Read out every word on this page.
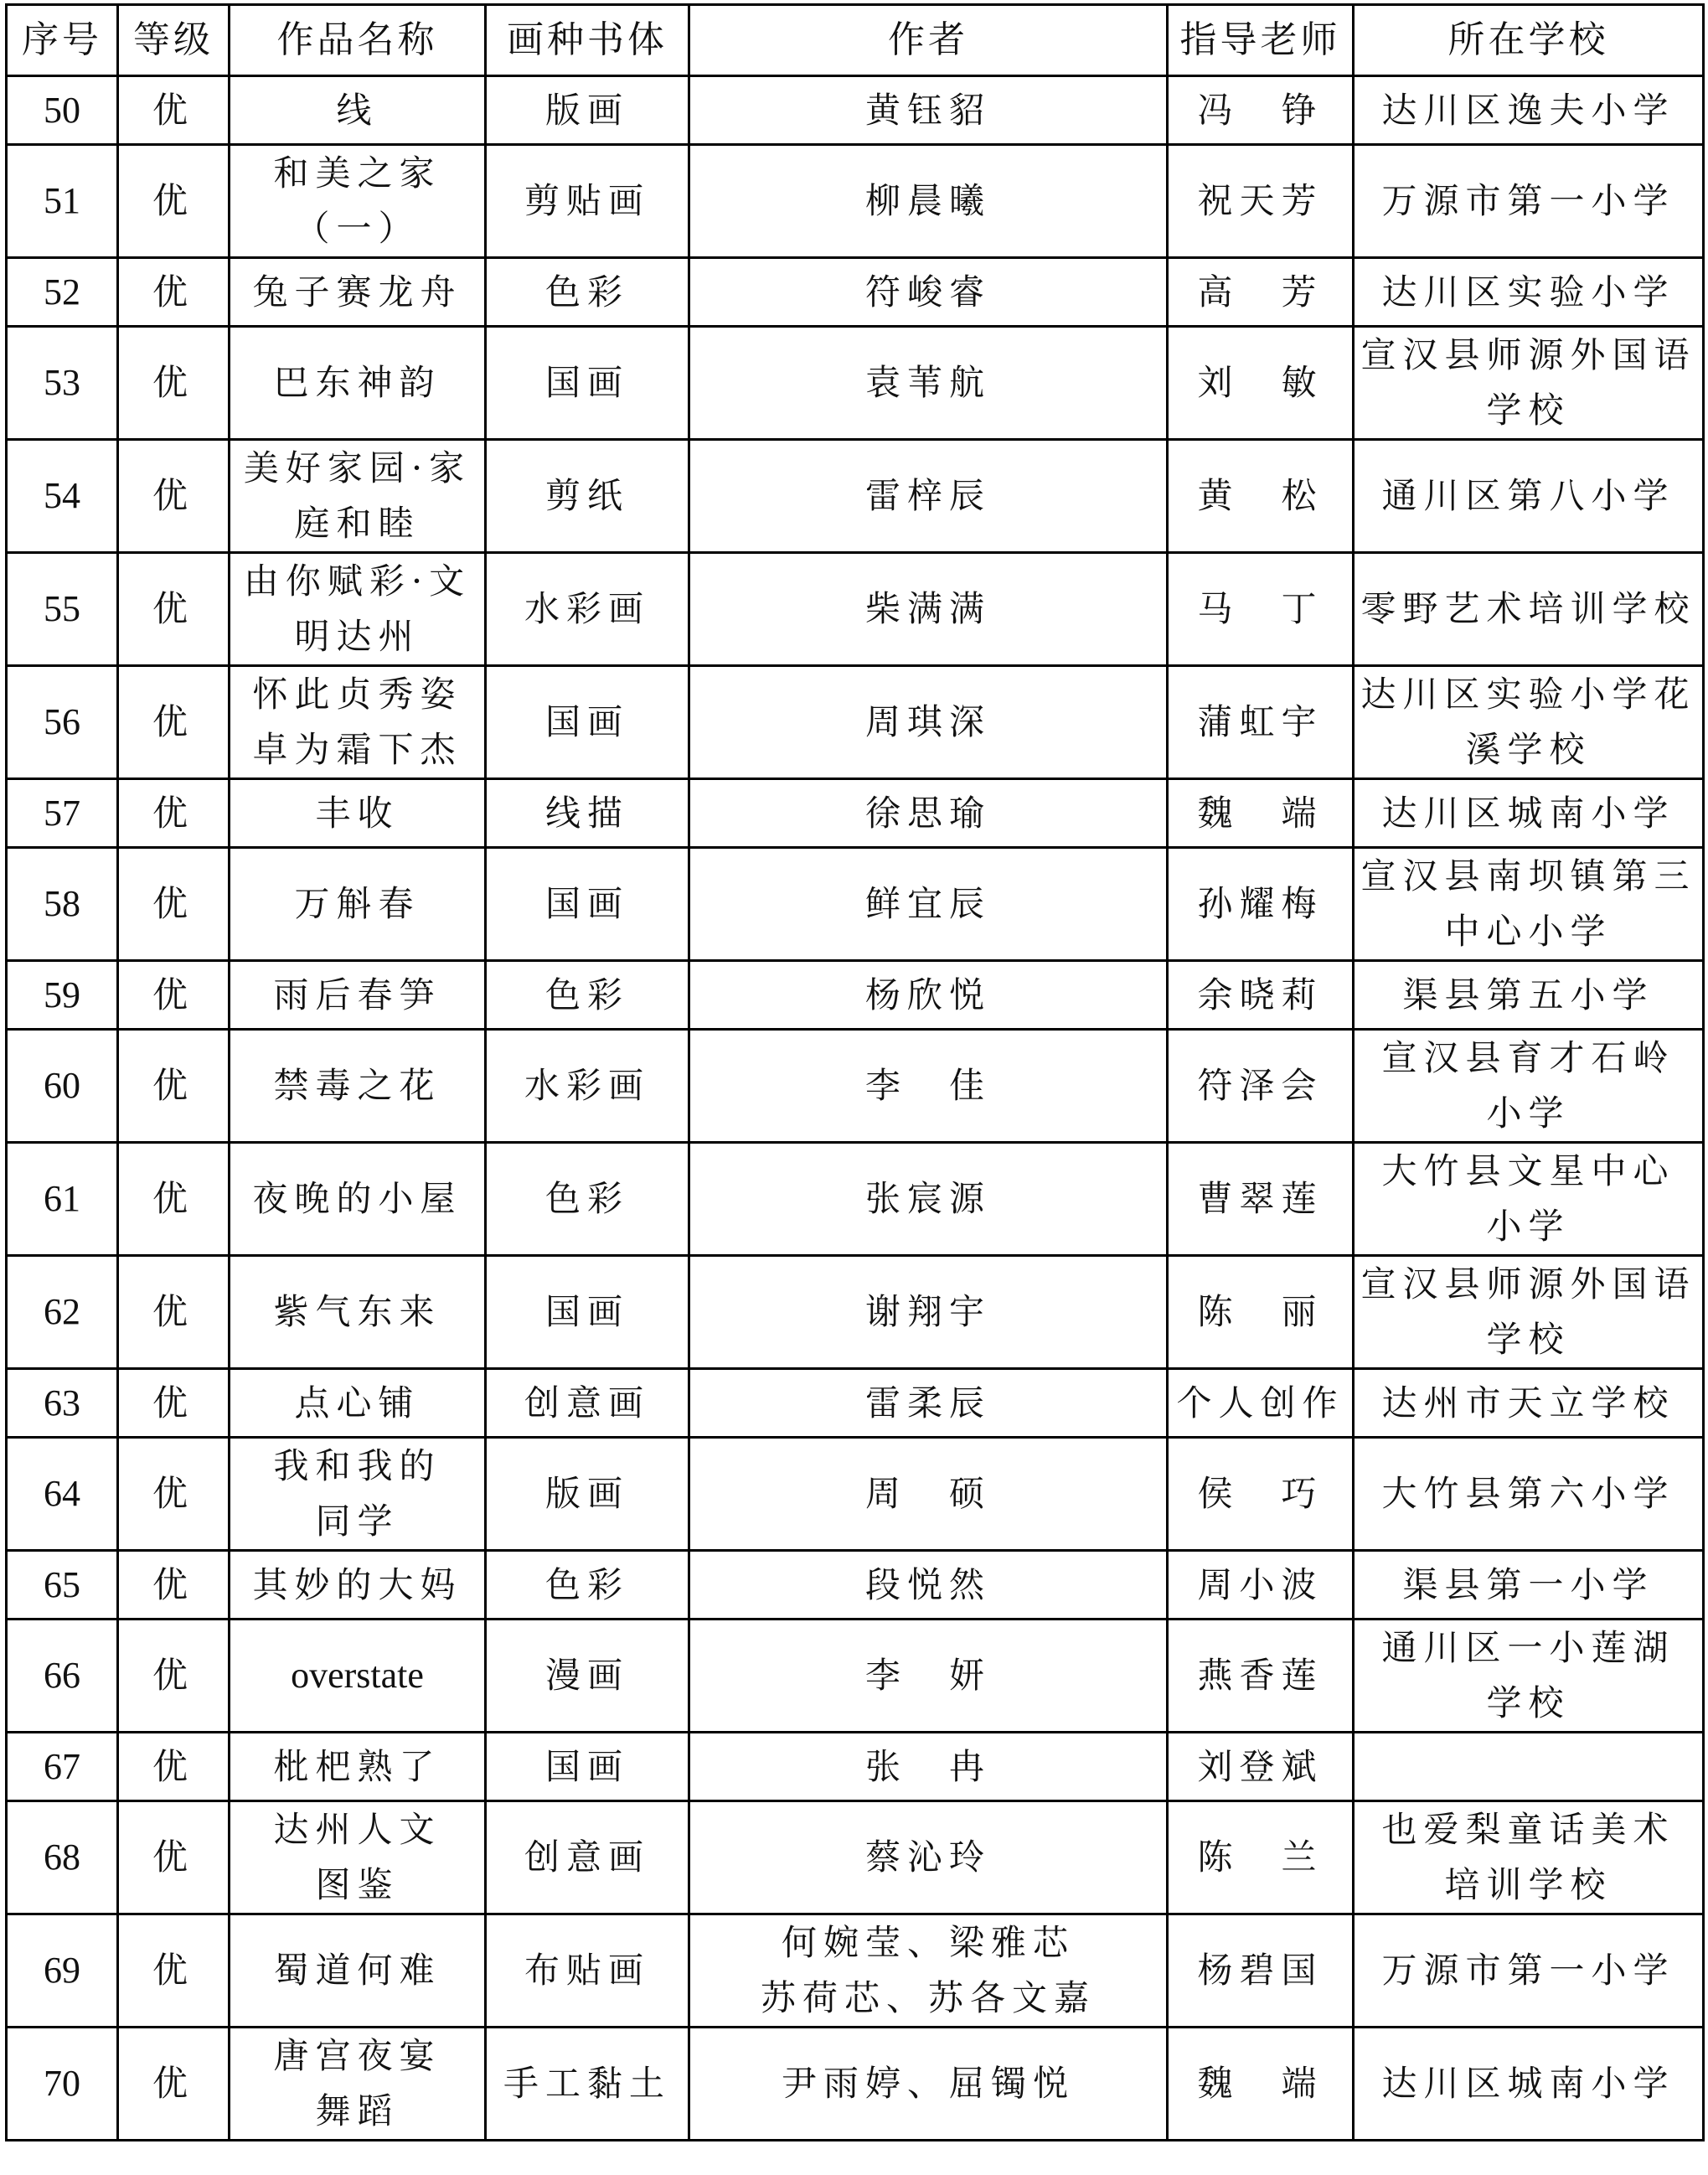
序号	等级	作品名称	画种书体	作者	指导老师	所在学校
50	优	线	版画	黄钰貂	冯　铮	达川区逸夫小学

51	优	和美之家
（一）	剪贴画	柳晨曦	祝天芳	万源市第一小学

52	优	兔子赛龙舟	色彩	符峻睿	高　芳	达川区实验小学

53	优	巴东神韵	国画	袁苇航	刘　敏	宣汉县师源外国语
学校

54	优	美好家园·家
庭和睦	剪纸	雷梓辰	黄　松	通川区第八小学

55	优	由你赋彩·文
明达州	水彩画	柴满满	马　丁	零野艺术培训学校

56	优	怀此贞秀姿
卓为霜下杰	国画	周琪深	蒲虹宇	达川区实验小学花
溪学校

57	优	丰收	线描	徐思瑜	魏　端	达川区城南小学

58	优	万斛春	国画	鲜宜辰	孙耀梅	宣汉县南坝镇第三
中心小学

59	优	雨后春笋	色彩	杨欣悦	余晓莉	渠县第五小学

60	优	禁毒之花	水彩画	李　佳	符泽会	宣汉县育才石岭
小学

61	优	夜晚的小屋	色彩	张宸源	曹翠莲	大竹县文星中心
小学

62	优	紫气东来	国画	谢翔宇	陈　丽	宣汉县师源外国语
学校

63	优	点心铺	创意画	雷柔辰	个人创作	达州市天立学校

64	优	我和我的
同学	版画	周　硕	侯　巧	大竹县第六小学

65	优	其妙的大妈	色彩	段悦然	周小波	渠县第一小学

66	优	overstate	漫画	李　妍	燕香莲	通川区一小莲湖
学校

67	优	枇杷熟了	国画	张　冉	刘登斌	

68	优	达州人文
图鉴	创意画	蔡沁玲	陈　兰	也爱梨童话美术
培训学校

69	优	蜀道何难	布贴画	何婉莹、梁雅芯
苏荷芯、苏各文嘉	杨碧国	万源市第一小学

70	优	唐宫夜宴
舞蹈	手工黏土	尹雨婷、屈镯悦	魏　端	达川区城南小学
